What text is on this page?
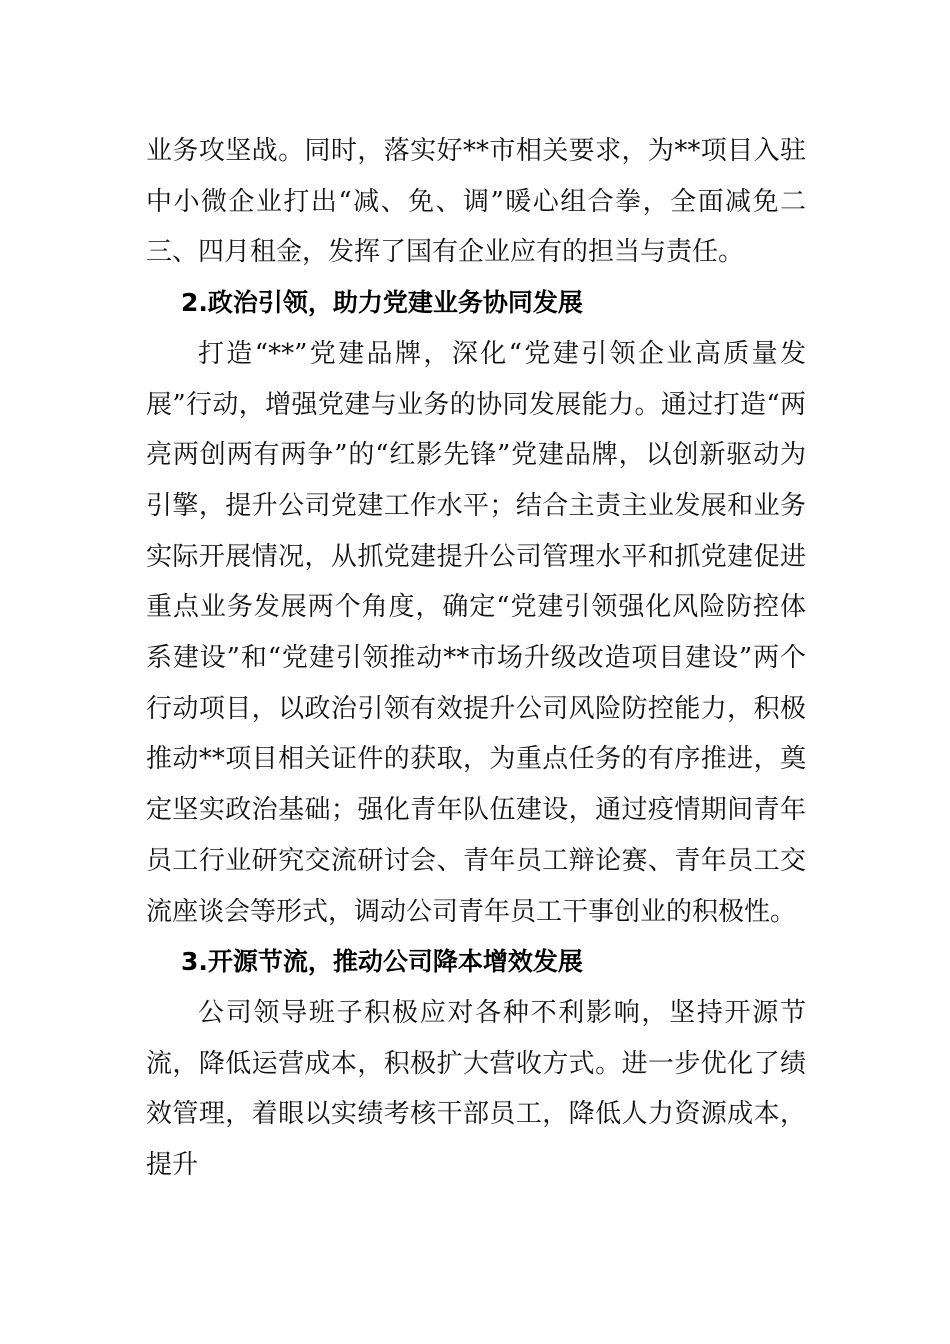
业务攻坚战。同时，落实好**市相关要求，为**项目入驻中小微企业打出“减、免、调”暖心组合拳，全面减免二三、四月租金，发挥了国有企业应有的担当与责任。

2.政治引领，助力党建业务协同发展

打造“**”党建品牌，深化“党建引领企业高质量发展”行动，增强党建与业务的协同发展能力。通过打造“两亮两创两有两争”的“红影先锋”党建品牌，以创新驱动为引擎，提升公司党建工作水平；结合主责主业发展和业务实际开展情况，从抓党建提升公司管理水平和抓党建促进重点业务发展两个角度，确定“党建引领强化风险防控体系建设”和“党建引领推动**市场升级改造项目建设”两个行动项目，以政治引领有效提升公司风险防控能力，积极推动**项目相关证件的获取，为重点任务的有序推进，奠定坚实政治基础；强化青年队伍建设，通过疫情期间青年员工行业研究交流研讨会、青年员工辩论赛、青年员工交流座谈会等形式，调动公司青年员工干事创业的积极性。

3.开源节流，推动公司降本增效发展

公司领导班子积极应对各种不利影响，坚持开源节流，降低运营成本，积极扩大营收方式。进一步优化了绩效管理，着眼以实绩考核干部员工，降低人力资源成本，提升
